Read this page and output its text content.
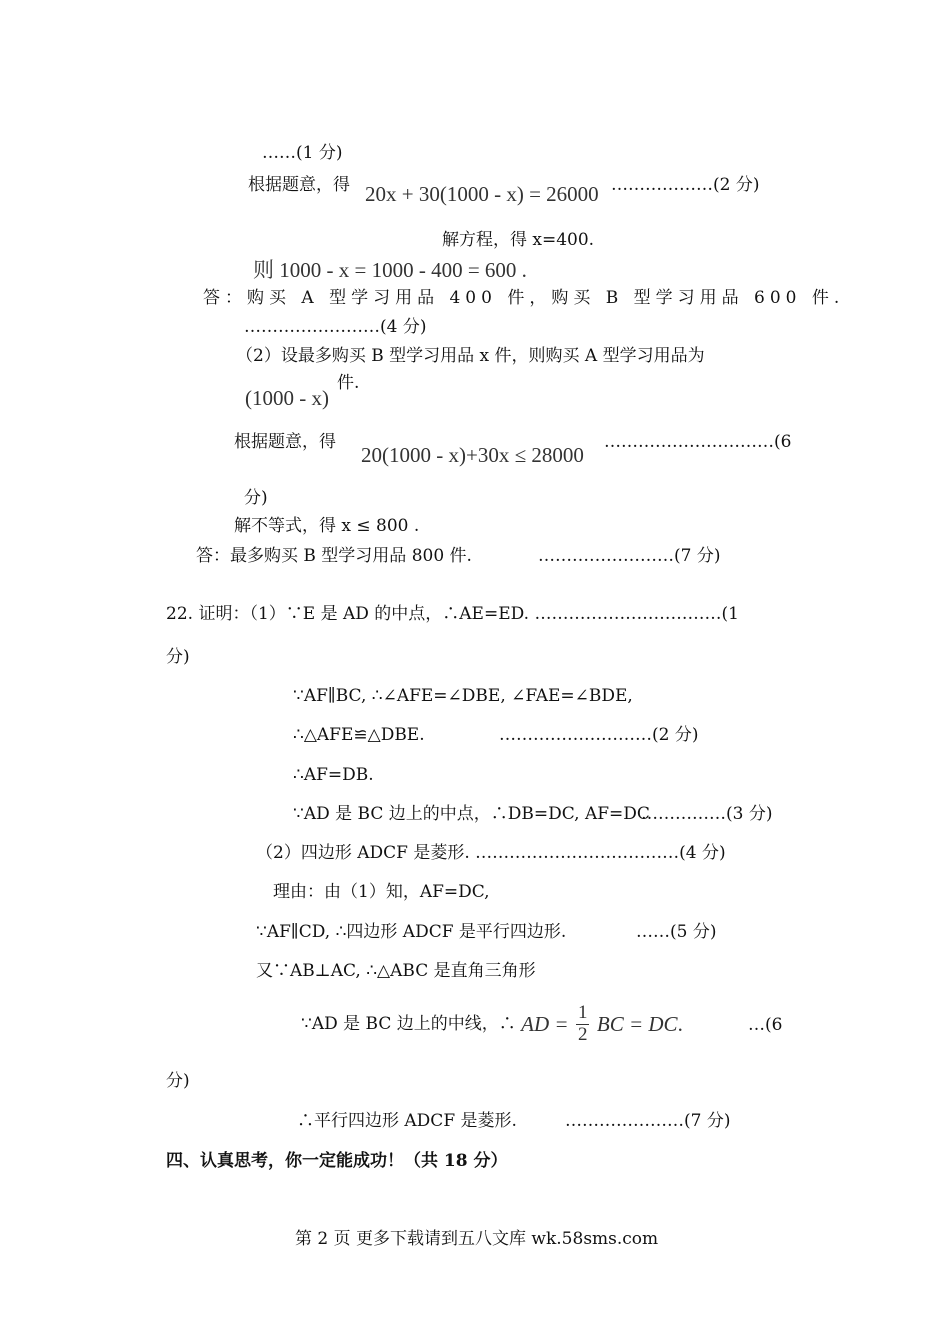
……(1 分)
根据题意，得 20x + 30(1000 - x) = 26000 ………………(2 分)
解方程，得 x=400.
则 1000 - x = 1000 - 400 = 600 .
答：购买 A 型学习用品 400 件，购买 B 型学习用品 600 件.
……………………(4 分)
（2）设最多购买 B 型学习用品 x 件，则购买 A 型学习用品为
(1000 - x)
件.
根据题意，得
20(1000 - x)+30x ≤ 28000
…………………………(6
分)
解不等式，得 x ≤ 800 .
答：最多购买 B 型学习用品 800 件.	……………………(7 分)
22. 证明：（1）∵E 是 AD 的中点，∴AE=ED. ……………………………(1
分)
∵AF∥BC, ∴∠AFE=∠DBE, ∠FAE=∠BDE,
∴△AFE≌△DBE.	………………………(2 分)
∴AF=DB.
∵AD 是 BC 边上的中点，∴DB=DC, AF=DC
……………(3 分)
（2）四边形 ADCF 是菱形. ………………………………(4 分)
理由：由（1）知，AF=DC,
∵AF∥CD, ∴四边形 ADCF 是平行四边形.	……(5 分)
又∵AB⊥AC, ∴△ABC 是直角三角形
∵AD 是 BC 边上的中线，∴ AD = $\frac{1}{2}$ BC = DC.	…(6
分)
∴平行四边形 ADCF 是菱形.	…………………(7 分)
四、认真思考，你一定能成功！（共 18 分）
第 2 页 更多下载请到五八文库 wk.58sms.com
